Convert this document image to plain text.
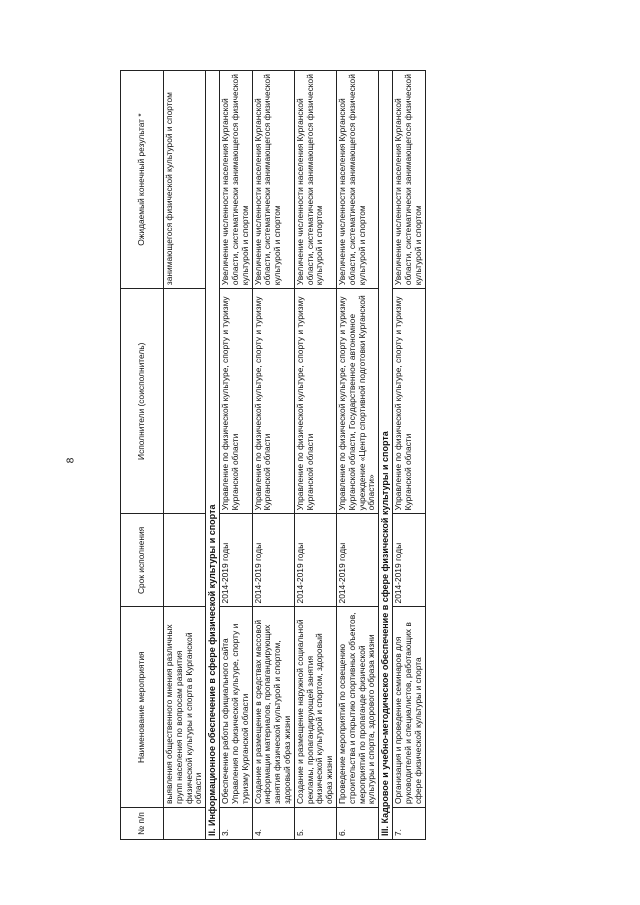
8
№ п/п	Наименование мероприятия	Срок исполнения	Исполнители (соисполнитель)	Ожидаемый конечный результат *
	выявления общественного мнения различных групп населения по вопросам развития физической культуры и спорта в Курганской области			занимающегося физической культурой и спортом
II. Информационное обеспечение в сфере физической культуры и спорта				
3.	Обеспечение работы официального сайта Управления по физической культуре, спорту и туризму Курганской области	2014-2019 годы	Управление по физической культуре, спорту и туризму Курганской области	Увеличение численности населения Курганской области, систематически занимающегося физической культурой и спортом
4.	Создание и размещение в средствах массовой информации материалов, пропагандирующих занятия физической культурой и спортом, здоровый образ жизни	2014-2019 годы	Управление по физической культуре, спорту и туризму Курганской области	Увеличение численности населения Курганской области, систематически занимающегося физической культурой и спортом
5.	Создание и размещение наружной социальной рекламы, пропагандирующей занятия физической культурой и спортом, здоровый образ жизни	2014-2019 годы	Управление по физической культуре, спорту и туризму Курганской области	Увеличение численности населения Курганской области, систематически занимающегося физической культурой и спортом
6.	Проведение мероприятий по освещению строительства и открытию спортивных объектов, мероприятий по пропаганде физической культуры и спорта, здорового образа жизни	2014-2019 годы	Управление по физической культуре, спорту и туризму Курганской области, Государственное автономное учреждение «Центр спортивной подготовки Курганской области»	Увеличение численности населения Курганской области, систематически занимающегося физической культурой и спортом
III. Кадровое и учебно-методическое обеспечение в сфере физической культуры и спорта				
7.	Организация и проведение семинаров для руководителей и специалистов, работающих в сфере физической культуры и спорта	2014-2019 годы	Управление по физической культуре, спорту и туризму Курганской области	Увеличение численности населения Курганской области, систематически занимающегося физической культурой и спортом
